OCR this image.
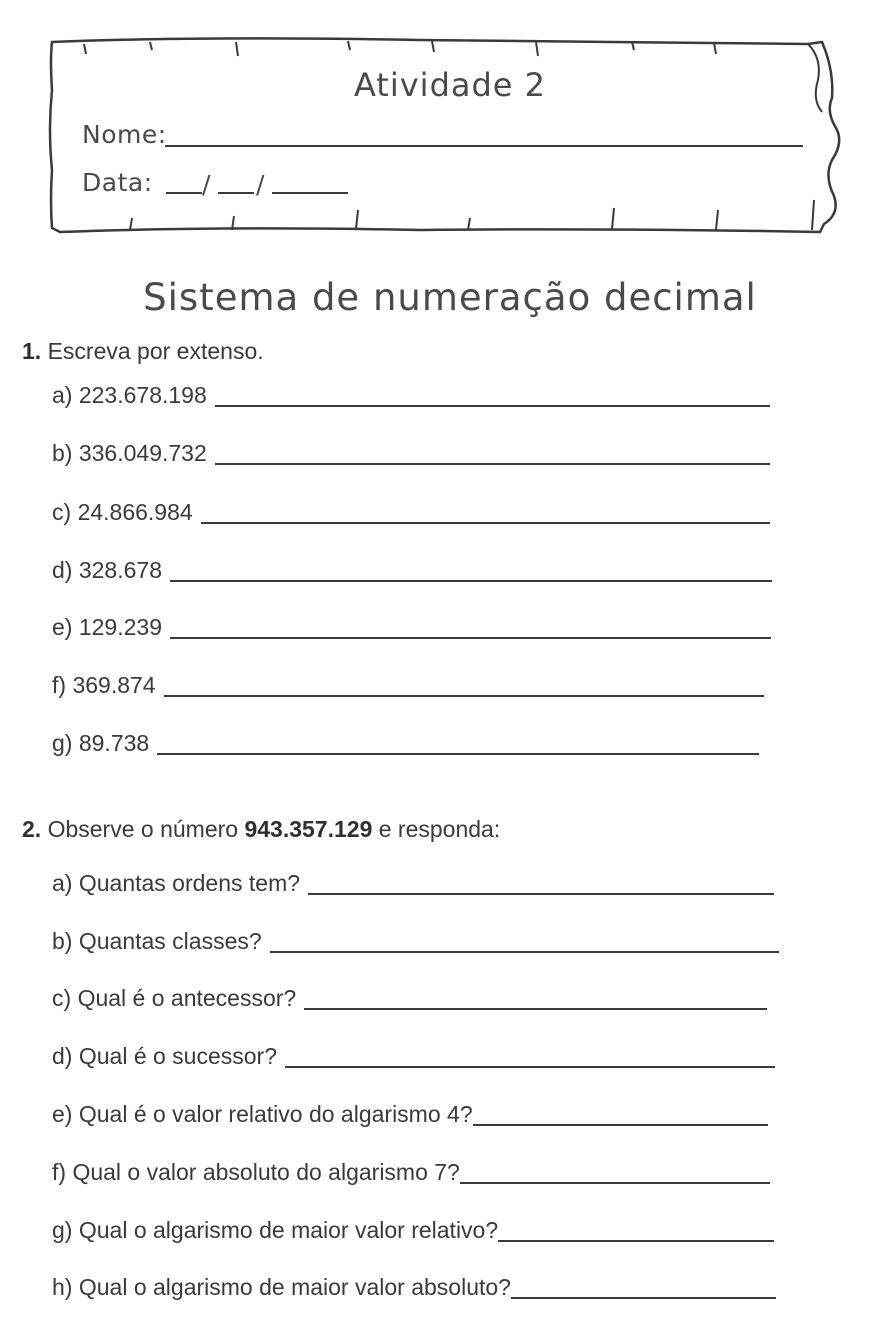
Atividade 2
Nome:
Data: / /
Sistema de numeração decimal
1. Escreva por extenso.
a)
223.678.198
b)
336.049.732
c)
24.866.984
d)
328.678
e)
129.239
f)
369.874
g)
89.738
2. Observe o número 943.357.129 e responda:
a)
Quantas ordens tem?
b)
Quantas classes?
c)
Qual é o antecessor?
d)
Qual é o sucessor?
e)
Qual é o valor relativo do algarismo 4?
f)
Qual o valor absoluto do algarismo 7?
g)
Qual o algarismo de maior valor relativo?
h)
Qual o algarismo de maior valor absoluto?
